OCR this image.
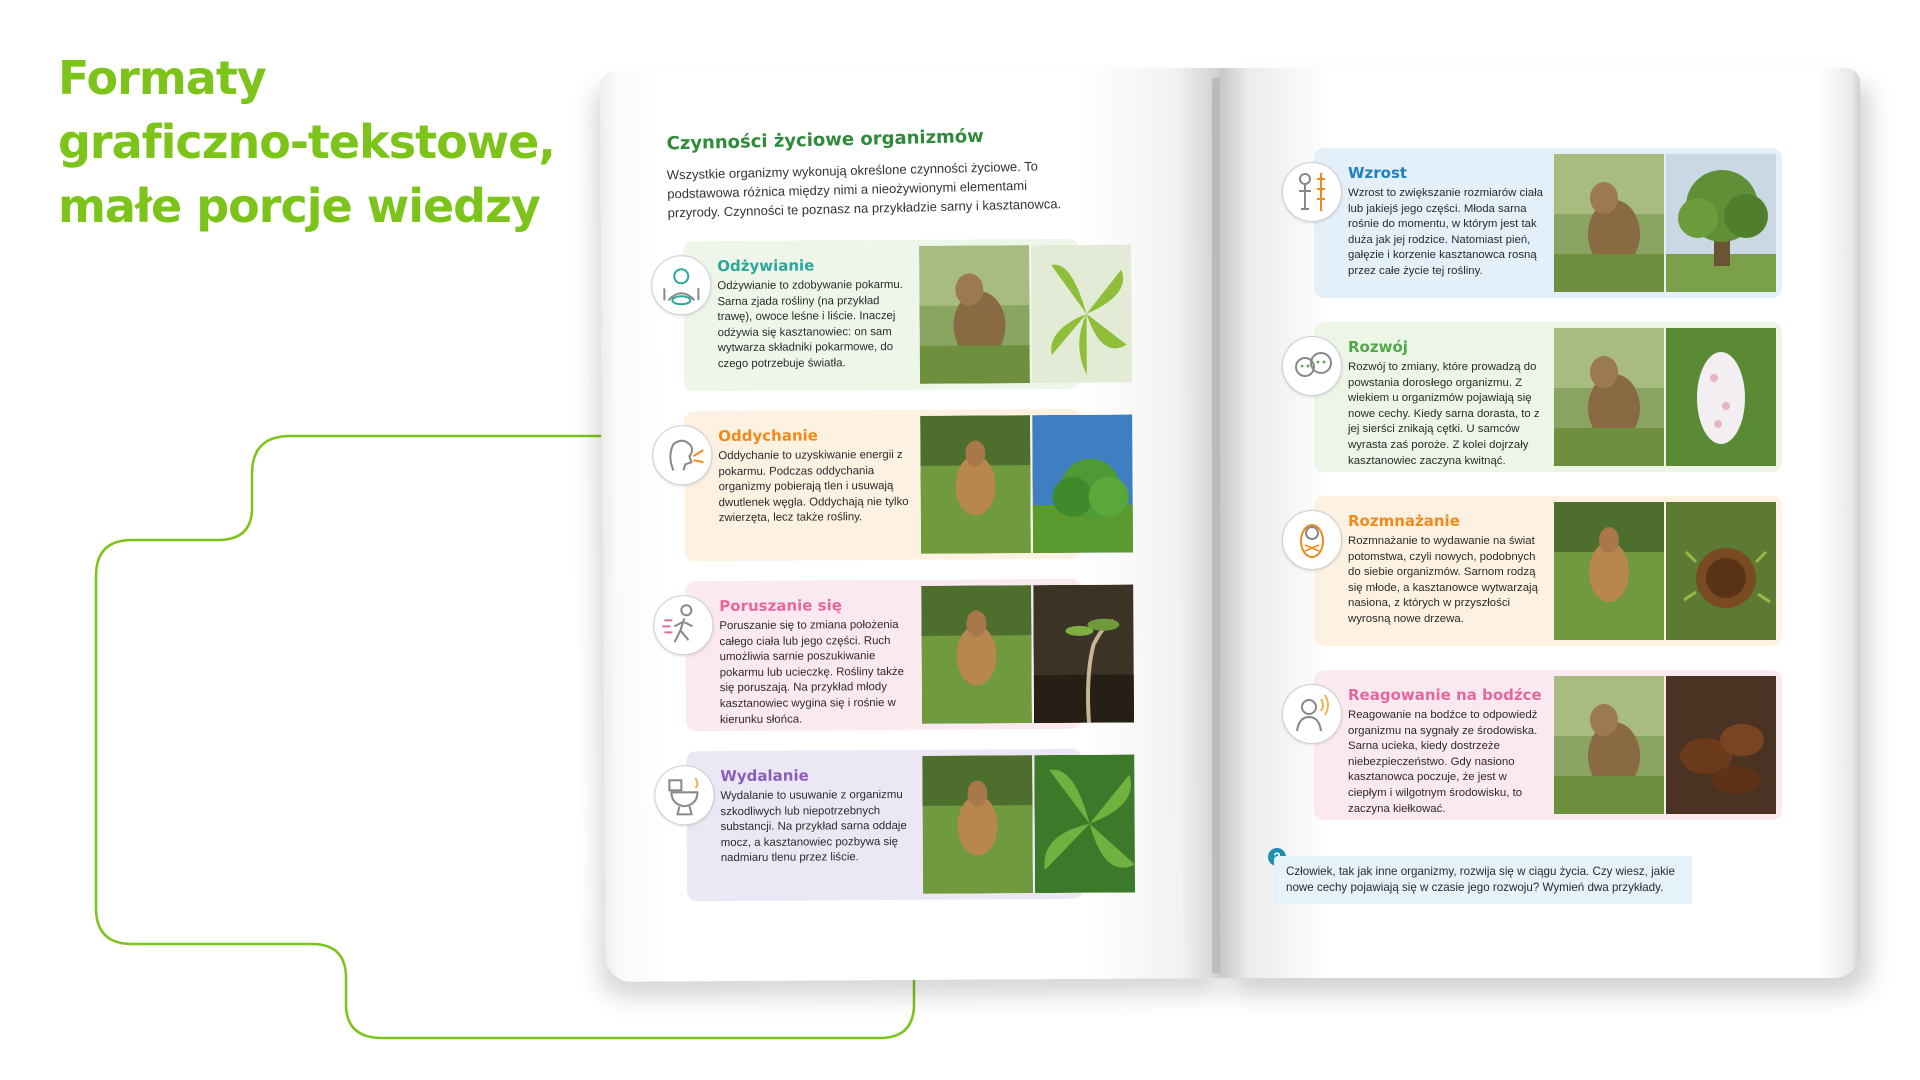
Formaty
graficzno-tekstowe,
małe porcje wiedzy
Czynności życiowe organizmów

Wszystkie organizmy wykonują określone czynności życiowe. To podstawowa różnica między nimi a nieożywionymi elementami przyrody. Czynności te poznasz na przykładzie sarny i kasztanowca.

Odżywianie

Odżywianie to zdobywanie pokarmu. Sarna zjada rośliny (na przykład trawę), owoce leśne i liście. Inaczej odżywia się kasztanowiec: on sam wytwarza składniki pokarmowe, do czego potrzebuje światła.

Oddychanie

Oddychanie to uzyskiwanie energii z pokarmu. Podczas oddychania organizmy pobierają tlen i usuwają dwutlenek węgla. Oddychają nie tylko zwierzęta, lecz także rośliny.

Poruszanie się

Poruszanie się to zmiana położenia całego ciała lub jego części. Ruch umożliwia sarnie poszukiwanie pokarmu lub ucieczkę. Rośliny także się poruszają. Na przykład młody kasztanowiec wygina się i rośnie w kierunku słońca.

Wydalanie

Wydalanie to usuwanie z organizmu szkodliwych lub niepotrzebnych substancji. Na przykład sarna oddaje mocz, a kasztanowiec pozbywa się nadmiaru tlenu przez liście.

Wzrost

Wzrost to zwiększanie rozmiarów ciała lub jakiejś jego części. Młoda sarna rośnie do momentu, w którym jest tak duża jak jej rodzice. Natomiast pień, gałęzie i korzenie kasztanowca rosną przez całe życie tej rośliny.

Rozwój

Rozwój to zmiany, które prowadzą do powstania dorosłego organizmu. Z wiekiem u organizmów pojawiają się nowe cechy. Kiedy sarna dorasta, to z jej sierści znikają cętki. U samców wyrasta zaś poroże. Z kolei dojrzały kasztanowiec zaczyna kwitnąć.

Rozmnażanie

Rozmnażanie to wydawanie na świat potomstwa, czyli nowych, podobnych do siebie organizmów. Sarnom rodzą się młode, a kasztanowce wytwarzają nasiona, z których w przyszłości wyrosną nowe drzewa.

Reagowanie na bodźce

Reagowanie na bodźce to odpowiedź organizmu na sygnały ze środowiska. Sarna ucieka, kiedy dostrzeże niebezpieczeństwo. Gdy nasiono kasztanowca poczuje, że jest w ciepłym i wilgotnym środowisku, to zaczyna kiełkować.

Człowiek, tak jak inne organizmy, rozwija się w ciągu życia. Czy wiesz, jakie nowe cechy pojawiają się w czasie jego rozwoju? Wymień dwa przykłady.
